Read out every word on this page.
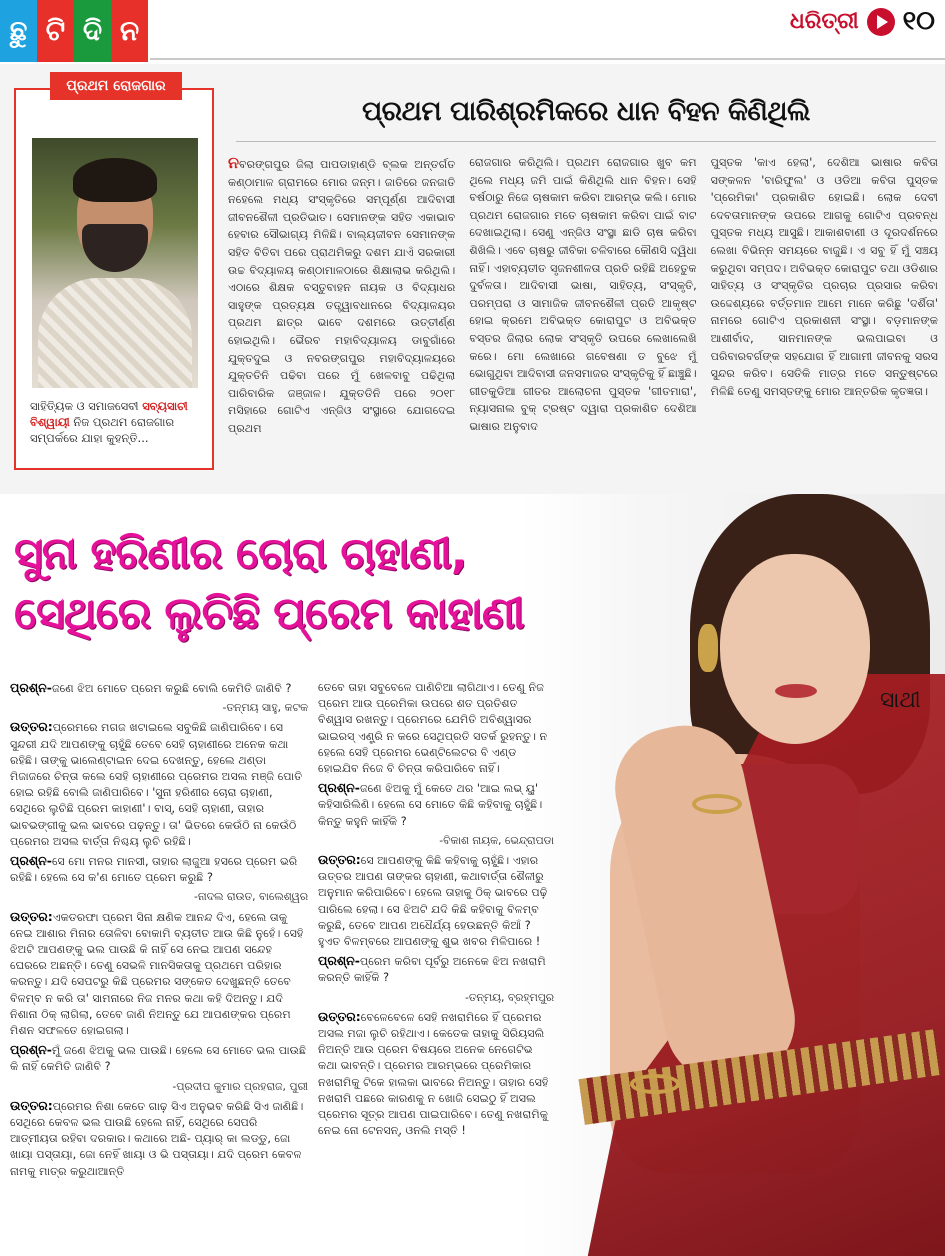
ଛୁ ଟି ଦି ନ	ଧରିତ୍ରୀ ୧୦
ପ୍ରଥମ ରୋଜଗାର

ସାହିତ୍ୟିକ ଓ ସମାଜସେବୀ ସବ୍ୟସାଚୀ ବିଶ୍ୱାୟୀ ନିଜ ପ୍ରଥମ ରୋଜଗାର ସମ୍ପର୍କରେ ଯାହା କୁହନ୍ତି...

ପ୍ରଥମ ପାରିଶ୍ରମିକରେ ଧାନ ବିହନ କିଣିଥିଲି

ନବରଙ୍ଗପୁର ଜିଲା ପାପଡାହାଣ୍ଡି ବ୍ଲକ ଅନ୍ତର୍ଗତ କଣ୍ଠାମାଳ ଗ୍ରାମରେ ମୋର ଜନ୍ମ। ଜାତିରେ ଜନଜାତି ନହେଲେ ମଧ୍ୟ ସଂସ୍କୃତିରେ ସମ୍ପୂର୍ଣ୍ଣ ଆଦିବାସୀ ଜୀବନଶୈଳୀ ପ୍ରତିଭାତ। ସେମାନଙ୍କ ସହିତ ଏକାଭାବ ହେବାର ସୌଭାଗ୍ୟ ମିଳିଛି। ବାଲ୍ୟଜୀବନ ସେମାନଙ୍କ ସହିତ ବିତିବା ପରେ ପ୍ରାଥମିକରୁ ଦଶମ ଯାଏଁ ସରକାରୀ ଉଚ୍ଚ ବିଦ୍ୟାଳୟ କଣ୍ଠାମାଳଠାରେ ଶିକ୍ଷାଲାଭ କରିଥିଲି। ଏଠାରେ ଶିକ୍ଷକ ବସ୍ତୁବାହନ ନାୟକ ଓ ବିଦ୍ୟାଧର ସାହୁଙ୍କ ପ୍ରତ୍ୟକ୍ଷ ତତ୍ତ୍ୱାବଧାନରେ ବିଦ୍ୟାଳୟର ପ୍ରଥମ ଛାତ୍ର ଭାବେ ଦଶମରେ ଉତ୍ତୀର୍ଣ୍ଣ ହୋଇଥିଲି। ଭୈରବ ମହାବିଦ୍ୟାଳୟ ଡାବୁଗାଁରେ ଯୁକ୍ତଦୁଇ ଓ ନବରଙ୍ଗପୁର ମହାବିଦ୍ୟାଳୟରେ ଯୁକ୍ତତିନି ପଢିବା ପରେ ମୁଁ ଖେଳବାବୁ ପଢିଥିଲା ପାରିବାରିକ ଜଞ୍ଜାଳ। ଯୁକ୍ତତିନି ପରେ ୨୦୧୮ ମସିହାରେ ଗୋଟିଏ ଏନ୍‌ଜିଓ ସଂସ୍ଥାରେ ଯୋଗଦେଇ ପ୍ରଥମ

ରୋଜଗାର କରିଥିଲି। ପ୍ରଥମ ରୋଜଗାର ଖୁବ କମ ଥିଲେ ମଧ୍ୟ ଜମି ପାଇଁ କିଣିଥିଲି ଧାନ ବିହନ। ସେହି ବର୍ଷଠାରୁ ନିଜେ ଚାଷକାମ କରିବା ଆରମ୍ଭ କଲି। ମୋର ପ୍ରଥମ ରୋଜଗାର ମତେ ଚାଷକାମ କରିବା ପାଇଁ ବାଟ ଦେଖାଇଥିଲା। ସେଣୁ ଏନ୍‌ଜିଓ ସଂସ୍ଥା ଛାଡି ଚାଷ କରିବା ଶିଖିଲି। ଏବେ ଚାଷରୁ ଜୀବିକା ଚଳିବାରେ କୌଣସି ଦ୍ୱିଧା ନାହିଁ। ଏହାବ୍ୟତୀତ ସୃଜନଶୀଳତା ପ୍ରତି ରହିଛି ଅହେତୁକ ଦୁର୍ବଳତା। ଆଦିବାସୀ ଭାଷା, ସାହିତ୍ୟ, ସଂସ୍କୃତି, ପରମ୍ପରା ଓ ସାମାଜିକ ଜୀବନଶୈଳୀ ପ୍ରତି ଆକୃଷ୍ଟ ହୋଇ କ୍ରମେ ଅବିଭକ୍ତ କୋରାପୁଟ ଓ ଅବିଭକ୍ତ ବସ୍ତର ଜିଲାର ଲୋକ ସଂସ୍କୃତି ଉପରେ ଲେଖାଲେଖି କରେ। ମୋ ଲେଖାରେ ଗବେଷଣା ତ ବୁଝେ ମୁଁ ଭୋଗୁଥିବା ଆଦିବାସୀ ଜନସମାଜର ସଂସ୍କୃତିକୁ ହିଁ ଛାଞ୍ଚୁଛି। ଗୀତକୁଡିଆ ଗୀତର ଆଲୋଚନା ପୁସ୍ତକ 'ଗୀତମାରା', ନ୍ୟାସନାଲ ବୁକ୍ ଟ୍ରଷ୍ଟ ଦ୍ୱାରା ପ୍ରକାଶିତ ଦେଶିଆ ଭାଷାର ଅନୁବାଦ

ପୁସ୍ତକ 'କାଏ ହେଲା', ଦେଶିଆ ଭାଷାର କବିତା ସଙ୍କଳନ 'ବାରିଫୁଲ' ଓ ଓଡିଆ କବିତା ପୁସ୍ତକ 'ପ୍ରେମିକା' ପ୍ରକାଶିତ ହୋଇଛି। ଲୋକ ଦେବୀ ଦେବତାମାନଙ୍କ ଉପରେ ଆଗକୁ ଗୋଟିଏ ପ୍ରବନ୍ଧ ପୁସ୍ତକ ମଧ୍ୟ ଆସୁଛି। ଆକାଶବାଣୀ ଓ ଦୂରଦର୍ଶନରେ ଲେଖା ବିଭିନ୍ନ ସମୟରେ ବାଜୁଛି। ଏ ସବୁ ହିଁ ମୁଁ ସଞ୍ଚୟ କରୁଥିବା ସମ୍ପଦ। ଅବିଭକ୍ତ କୋରାପୁଟ ତଥା ଓଡିଶାର ସାହିତ୍ୟ ଓ ସଂସ୍କୃତିର ପ୍ରଚାର ପ୍ରସାର କରିବା ଉଦ୍ଦେଶ୍ୟରେ ବର୍ତ୍ତମାନ ଆମେ ମାନେ କରିଛୁ 'ଦର୍ଶିତା' ନାମରେ ଗୋଟିଏ ପ୍ରକାଶନୀ ସଂସ୍ଥା। ବଡ଼ମାନଙ୍କ ଆଶୀର୍ବାଦ, ସାନମାନଙ୍କ ଭଲପାଇବା ଓ ପରିବାରବର୍ଗଙ୍କ ସହଯୋଗ ହିଁ ଆଗାମୀ ଜୀବନକୁ ସରସ ସୁନ୍ଦର କରିବ। ସେତିକି ମାତ୍ର ମତେ ସନ୍ତୁଷ୍ଟରେ ମିଳିଛି ତେଣୁ ସମସ୍ତଙ୍କୁ ମୋର ଆନ୍ତରିକ କୃତଜ୍ଞତା।

ସାଥୀ
ସୁନା ହରିଣୀର ଚୋରା ଚାହାଣୀ,
ସେଥିରେ ଲୁଚିଛି ପ୍ରେମ କାହାଣୀ

ପ୍ରଶ୍ନ-ଜଣେ ଝିଅ ମୋତେ ପ୍ରେମ କରୁଛି ବୋଲି କେମିତି ଜାଣିବି ?

-ତନ୍ମୟ ସାହୁ, କଟକ

ଉତ୍ତର:ପ୍ରେମରେ ମଗଜ ଖଟାଇଲେ ସବୁକିଛି ଜାଣିପାରିବେ। ସେ ସୁନ୍ଦରୀ ଯଦି ଆପଣଙ୍କୁ ଚାହୁଁଛି ତେବେ ସେହି ଚାହାଣୀରେ ଅନେକ କଥା ରହିଛି। ତାଙ୍କୁ ଭାଲେଣ୍ଟାଇନ ଦେଇ ଦେଖନ୍ତୁ, ହେଲେ ଥଣ୍ଡା ମିଜାଜରେ ଚିନ୍ତା କଲେ ସେହି ଚାହାଣୀରେ ପ୍ରେମର ଅସଲ ମଞ୍ଜି ପୋତି ହୋଇ ରହିଛି ବୋଲି ଜାଣିପାରିବେ। 'ସୁନା ହରିଣୀର ଚୋରା ଚାହାଣୀ, ସେଥିରେ ଲୁଚିଛି ପ୍ରେମ କାହାଣୀ'। ବାସ୍, ସେହି ଚାହାଣୀ, ତାହାର ଭାବଭଙ୍ଗୀକୁ ଭଲ ଭାବରେ ପଢ଼ନ୍ତୁ। ତା' ଭିତରେ କେଉଁଠି ନା କେଉଁଠି ପ୍ରେମର ଅସଲ ବାର୍ତ୍ତା ନିଶ୍ଚୟ ଲୁଚି ରହିଛି।

ପ୍ରଶ୍ନ-ସେ ମୋ ମନର ମାନସୀ, ତାହାର ଲାଜୁଆ ହସରେ ପ୍ରେମ ଭରି ରହିଛି। ହେଲେ ସେ କ'ଣ ମୋତେ ପ୍ରେମ କରୁଛି ?

-ନାଦଲ ରାଉତ, ବାଲେଶ୍ୱର

ଉତ୍ତର:ଏକତରଫା ପ୍ରେମ ସିନା କ୍ଷଣିକ ଆନନ୍ଦ ଦିଏ, ହେଲେ ତାକୁ ନେଇ ଆଶାର ମିନାର ତୋଳିବା ବୋକାମି ବ୍ୟତୀତ ଆଉ କିଛି ନୁହେଁ। ସେହି ଝିଅଟି ଆପଣଙ୍କୁ ଭଲ ପାଉଛି କି ନାହିଁ ସେ ନେଇ ଆପଣ ସନ୍ଦେହ ଘେରରେ ଅଛନ୍ତି। ତେଣୁ ସେଭଳି ମାନସିକତାକୁ ପ୍ରଥମେ ପରିହାର କରନ୍ତୁ। ଯଦି ସେପଟରୁ କିଛି ପ୍ରେମର ସଙ୍କେତ ଦେଖୁଛନ୍ତି ତେବେ ବିଳମ୍ବ ନ କରି ତା' ସାମନାରେ ନିଜ ମନର କଥା କହି ଦିଅନ୍ତୁ। ଯଦି ନିଶାନା ଠିକ୍ ଲାଗିଲା, ତେବେ ଜାଣି ନିଅନ୍ତୁ ଯେ ଆପଣଙ୍କର ପ୍ରେମ ମିଶନ ସଫଳତେ ହୋଇଗଲା।

ପ୍ରଶ୍ନ-ମୁଁ ଜଣେ ଝିଅକୁ ଭଲ ପାଉଛି। ହେଲେ ସେ ମୋତେ ଭଲ ପାଉଛି କି ନାହିଁ କେମିତି ଜାଣିବି ?

-ପ୍ରଦୀପ କୁମାର ପ୍ରହରାଜ, ପୁରୀ

ଉତ୍ତର:ପ୍ରେମର ନିଶା କେତେ ଗାଢ଼ ସିଏ ଅନୁଭବ କରିଛି ସିଏ ଜାଣିଛି। ସେଥିରେ କେବଳ ଭଲ ପାଉଛି ହେଲେ ନାହିଁ, ସେଥିରେ ସେପରି ଆତ୍ମୀୟତା ରହିବା ଦରକାର। କଥାରେ ଅଛି- ପ୍ୟାର୍ କା ଲଡ୍ଡୁ, ଜୋ ଖାୟା ପସ୍ତାୟା, ଜୋ ନେହିଁ ଖାୟା ଓ ଭି ପସ୍ତାୟା। ଯଦି ପ୍ରେମ କେବଳ ନାମକୁ ମାତ୍ର କରୁଥାଆନ୍ତି

ତେବେ ତାହା ସବୁବେଳେ ପାଣିଚିଆ ଲାଗିଥାଏ। ତେଣୁ ନିଜ ପ୍ରେମ ଆଉ ପ୍ରେମିକା ଉପରେ ଶତ ପ୍ରତିଶତ ବିଶ୍ୱାସ ରଖନ୍ତୁ। ପ୍ରେମରେ ଯେମିତି ଅବିଶ୍ୱାସର ଭାଇରସ୍ ଏଣ୍ଟ୍ରି ନ କରେ ସେଥିପ୍ରତି ସତର୍କ ରୁହନ୍ତୁ। ନ ହେଲେ ସେହି ପ୍ରେମର ଭେଣ୍ଟିଲେଟର ବି ଏଣ୍ଡ ହୋଇଯିବ ନିଜେ ବି ଚିନ୍ତା କରିପାରିବେ ନାହିଁ।

ପ୍ରଶ୍ନ-ଜଣେ ଝିଅକୁ ମୁଁ କେତେ ଥର 'ଆଇ ଲଭ୍ ୟୁ' କହିସାରିଲିଣି। ହେଲେ ସେ ମୋତେ କିଛି କହିବାକୁ ଚାହୁଁଛି। କିନ୍ତୁ କହୁନି କାହିଁକି ?

-ବିକାଶ ନାୟକ, ଭେନ୍ଦ୍ରାପଡା

ଉତ୍ତର:ସେ ଆପଣଙ୍କୁ କିଛି କହିବାକୁ ଚାହୁଁଛି। ଏହାର ଉତ୍ତର ଆପଣ ତାଙ୍କର ଚାହାଣୀ, କଥାବାର୍ତ୍ତା ଶୈଳୀରୁ ଅନୁମାନ କରିପାରିବେ। ହେଲେ ତାହାକୁ ଠିକ୍ ଭାବରେ ପଢ଼ି ପାରିଲେ ହେଲା। ସେ ଝିଅଟି ଯଦି କିଛି କହିବାକୁ ବିଳମ୍ବ କରୁଛି, ତେବେ ଆପଣ ଅଧୈର୍ଯ୍ୟ ହେଉଛନ୍ତି କିଆଁ ? ହୁଏତ ବିଳମ୍ବରେ ଆପଣଙ୍କୁ ଶୁଭ ଖବର ମିଳିପାରେ !

ପ୍ରଶ୍ନ-ପ୍ରେମ କରିବା ପୂର୍ବରୁ ଅନେକେ ଝିଅ ନଖରାମି କରନ୍ତି କାହିଁକି ?

-ତନ୍ମୟ, ବ୍ରହ୍ମପୁର

ଉତ୍ତର:ବେଳେବେଳେ ସେହି ନଖରାମିରେ ହିଁ ପ୍ରେମର ଅସଲ ମଜା ଲୁଚି ରହିଥାଏ। କେତେକ ତାହାକୁ ସିରିୟସଲି ନିଅନ୍ତି ଆଉ ପ୍ରେମ ବିଷୟରେ ଅନେକ ନେଗେଟିଭ କଥା ଭାବନ୍ତି। ପ୍ରେମର ଆରମ୍ଭରେ ପ୍ରେମିକାର ନଖରାମିକୁ ଟିକେ ହାଲକା ଭାବରେ ନିଅନ୍ତୁ। ତାହାର ସେହି ନଖରାମି ପଛରେ କାରଣକୁ ନ ଖୋଜି ସେଇଠୁ ହିଁ ଅସଲ ପ୍ରେମର ସୂତ୍ର ଆପଣ ପାଇପାରିବେ। ତେଣୁ ନଖରାମିକୁ ନେଇ ନୋ ଟେନସନ୍, ଓନଲି ମସ୍ତି !
